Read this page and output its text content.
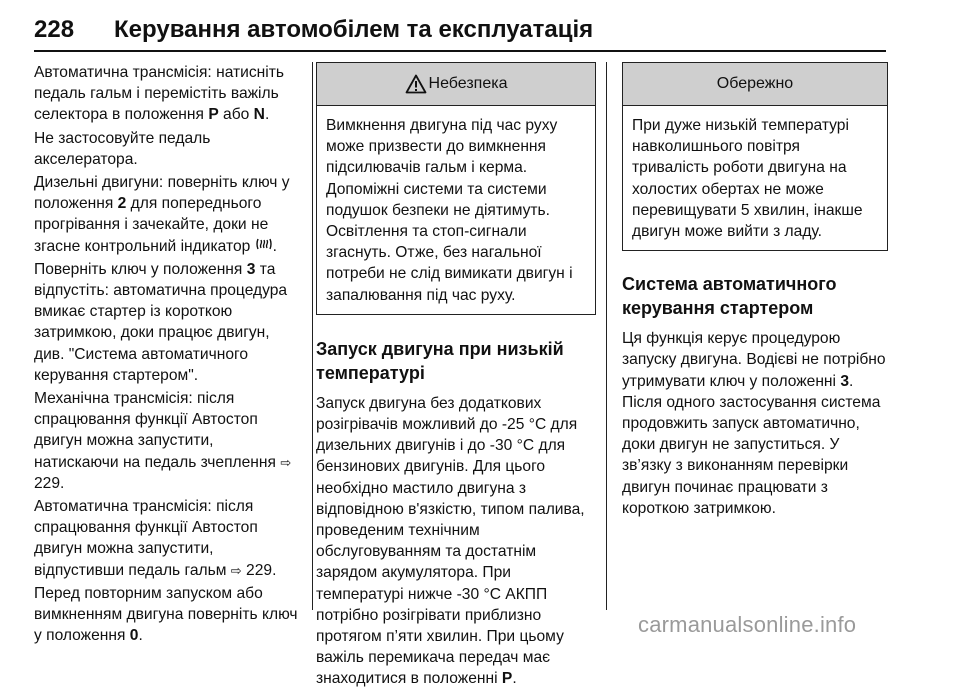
228	Керування автомобілем та експлуатація

Автоматична трансмісія: натисніть педаль гальм і перемістіть важіль селектора в положення P або N.

Не застосовуйте педаль акселератора.

Дизельні двигуни: поверніть ключ у положення 2 для попереднього прогрівання і зачекайте, доки не згасне контрольний індикатор .

Поверніть ключ у положення 3 та відпустіть: автоматична процедура вмикає стартер із короткою затримкою, доки працює двигун, див. "Система автоматичного керування стартером".

Механічна трансмісія: після спрацювання функції Автостоп двигун можна запустити, натискаючи на педаль зчеплення ⇨ 229.

Автоматична трансмісія: після спрацювання функції Автостоп двигун можна запустити, відпустивши педаль гальм ⇨ 229.

Перед повторним запуском або вимкненням двигуна поверніть ключ у положення 0.

Небезпека
Вимкнення двигуна під час руху може призвести до вимкнення підсилювачів гальм і керма. Допоміжні системи та системи подушок безпеки не діятимуть. Освітлення та стоп-сигнали згаснуть. Отже, без нагальної потреби не слід вимикати двигун і запалювання під час руху.
Запуск двигуна при низькій температурі

Запуск двигуна без додаткових розігрівачів можливий до -25 °C для дизельних двигунів і до -30 °C для бензинових двигунів. Для цього необхідно мастило двигуна з відповідною в'язкістю, типом палива, проведеним технічним обслуговуванням та достатнім зарядом акумулятора. При температурі нижче -30 °C АКПП потрібно розігрівати приблизно протягом п’яти хвилин. При цьому важіль перемикача передач має знаходитися в положенні P.

Обережно
При дуже низькій температурі навколишнього повітря тривалість роботи двигуна на холостих обертах не може перевищувати 5 хвилин, інакше двигун може вийти з ладу.
Система автоматичного керування стартером

Ця функція керує процедурою запуску двигуна. Водієві не потрібно утримувати ключ у положенні 3. Після одного застосування система продовжить запуск автоматично, доки двигун не запуститься. У зв’язку з виконанням перевірки двигун починає працювати з короткою затримкою.

carmanualsonline.info
